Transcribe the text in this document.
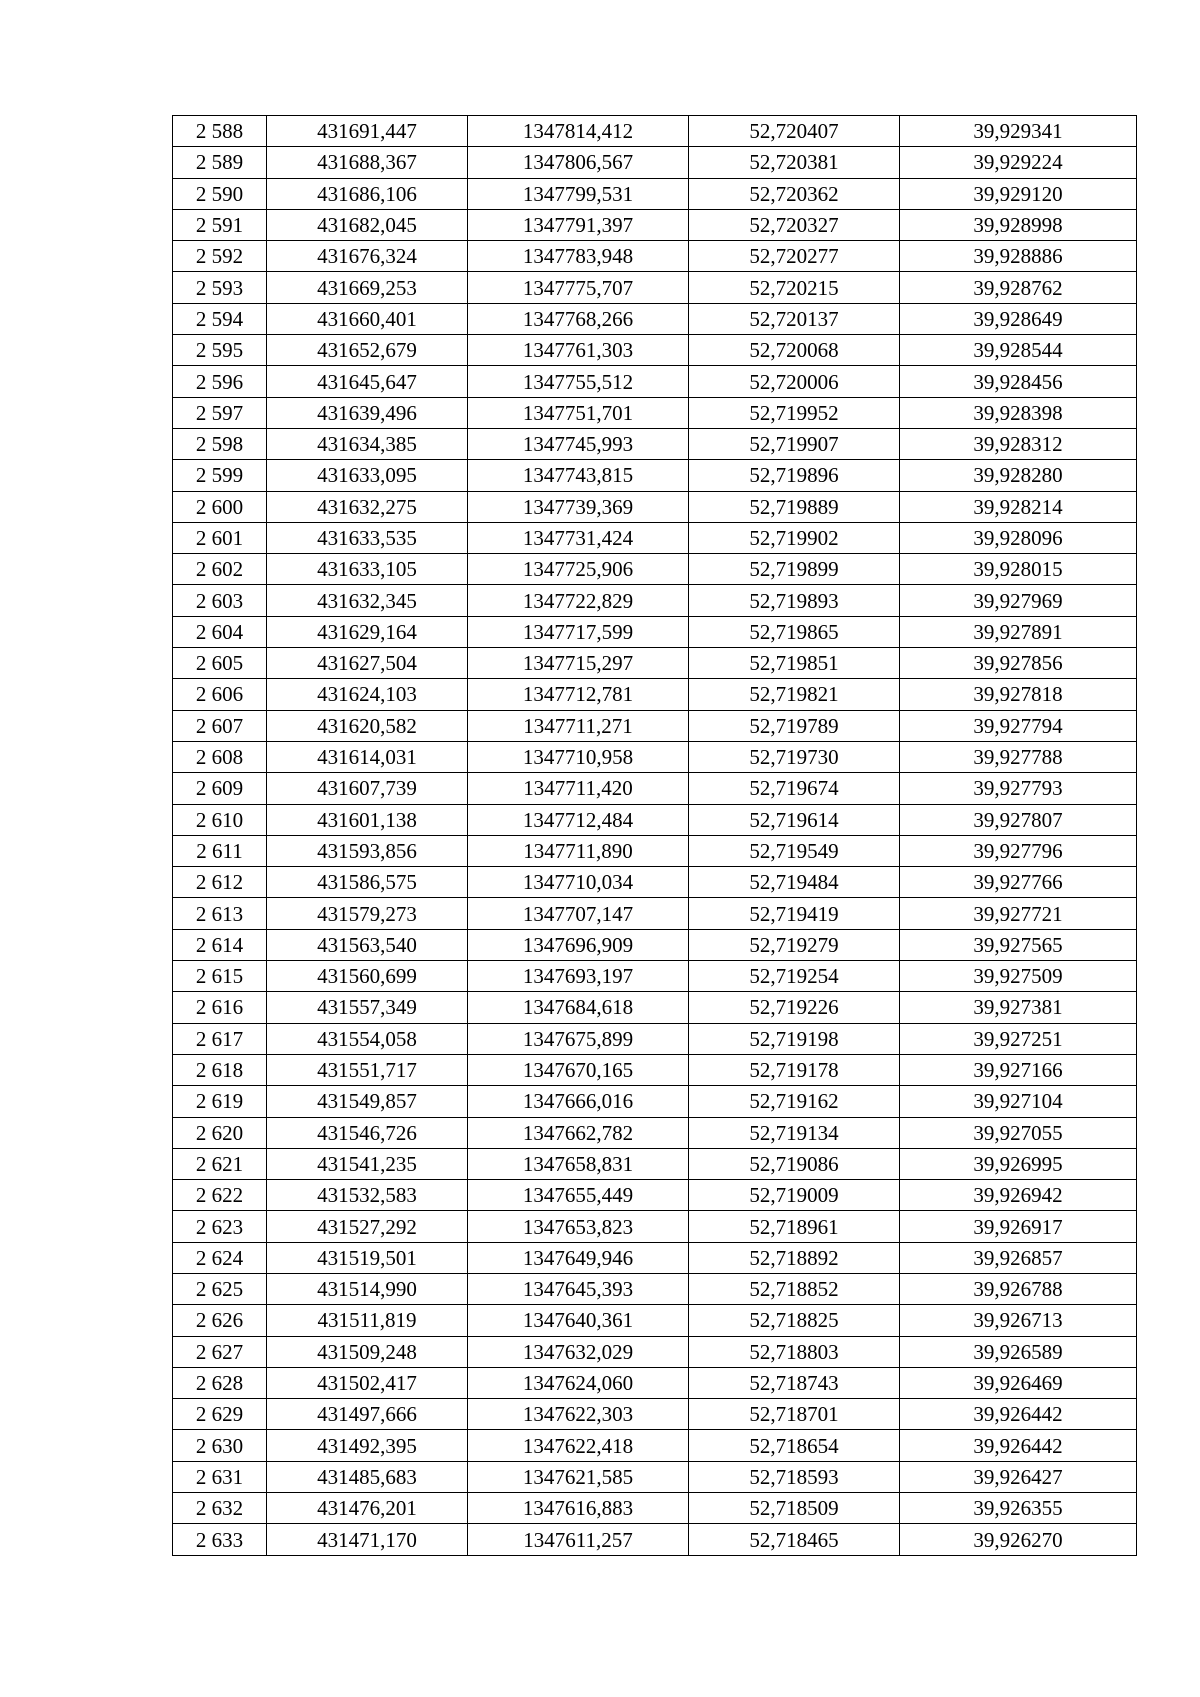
2 588	431691,447	1347814,412	52,720407	39,929341
2 589	431688,367	1347806,567	52,720381	39,929224
2 590	431686,106	1347799,531	52,720362	39,929120
2 591	431682,045	1347791,397	52,720327	39,928998
2 592	431676,324	1347783,948	52,720277	39,928886
2 593	431669,253	1347775,707	52,720215	39,928762
2 594	431660,401	1347768,266	52,720137	39,928649
2 595	431652,679	1347761,303	52,720068	39,928544
2 596	431645,647	1347755,512	52,720006	39,928456
2 597	431639,496	1347751,701	52,719952	39,928398
2 598	431634,385	1347745,993	52,719907	39,928312
2 599	431633,095	1347743,815	52,719896	39,928280
2 600	431632,275	1347739,369	52,719889	39,928214
2 601	431633,535	1347731,424	52,719902	39,928096
2 602	431633,105	1347725,906	52,719899	39,928015
2 603	431632,345	1347722,829	52,719893	39,927969
2 604	431629,164	1347717,599	52,719865	39,927891
2 605	431627,504	1347715,297	52,719851	39,927856
2 606	431624,103	1347712,781	52,719821	39,927818
2 607	431620,582	1347711,271	52,719789	39,927794
2 608	431614,031	1347710,958	52,719730	39,927788
2 609	431607,739	1347711,420	52,719674	39,927793
2 610	431601,138	1347712,484	52,719614	39,927807
2 611	431593,856	1347711,890	52,719549	39,927796
2 612	431586,575	1347710,034	52,719484	39,927766
2 613	431579,273	1347707,147	52,719419	39,927721
2 614	431563,540	1347696,909	52,719279	39,927565
2 615	431560,699	1347693,197	52,719254	39,927509
2 616	431557,349	1347684,618	52,719226	39,927381
2 617	431554,058	1347675,899	52,719198	39,927251
2 618	431551,717	1347670,165	52,719178	39,927166
2 619	431549,857	1347666,016	52,719162	39,927104
2 620	431546,726	1347662,782	52,719134	39,927055
2 621	431541,235	1347658,831	52,719086	39,926995
2 622	431532,583	1347655,449	52,719009	39,926942
2 623	431527,292	1347653,823	52,718961	39,926917
2 624	431519,501	1347649,946	52,718892	39,926857
2 625	431514,990	1347645,393	52,718852	39,926788
2 626	431511,819	1347640,361	52,718825	39,926713
2 627	431509,248	1347632,029	52,718803	39,926589
2 628	431502,417	1347624,060	52,718743	39,926469
2 629	431497,666	1347622,303	52,718701	39,926442
2 630	431492,395	1347622,418	52,718654	39,926442
2 631	431485,683	1347621,585	52,718593	39,926427
2 632	431476,201	1347616,883	52,718509	39,926355
2 633	431471,170	1347611,257	52,718465	39,926270
